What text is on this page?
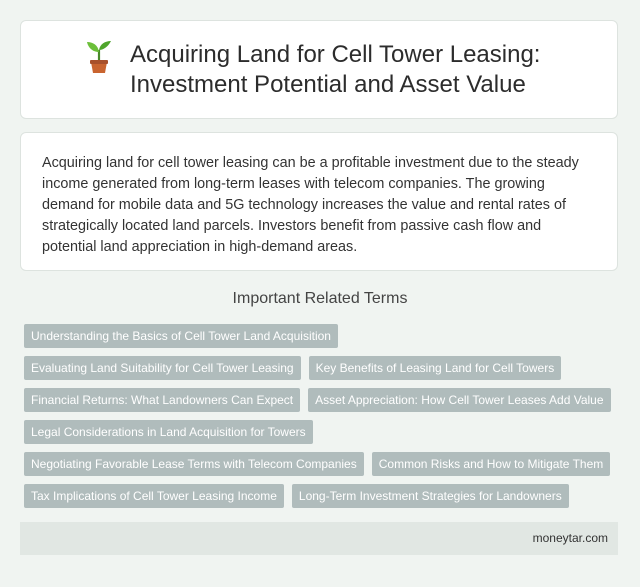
Acquiring Land for Cell Tower Leasing: Investment Potential and Asset Value

Acquiring land for cell tower leasing can be a profitable investment due to the steady income generated from long-term leases with telecom companies. The growing demand for mobile data and 5G technology increases the value and rental rates of strategically located land parcels. Investors benefit from passive cash flow and potential land appreciation in high-demand areas.

Important Related Terms
Understanding the Basics of Cell Tower Land Acquisition
Evaluating Land Suitability for Cell Tower Leasing	Key Benefits of Leasing Land for Cell Towers
Financial Returns: What Landowners Can Expect	Asset Appreciation: How Cell Tower Leases Add Value
Legal Considerations in Land Acquisition for Towers
Negotiating Favorable Lease Terms with Telecom Companies	Common Risks and How to Mitigate Them
Tax Implications of Cell Tower Leasing Income	Long-Term Investment Strategies for Landowners
moneytar.com
